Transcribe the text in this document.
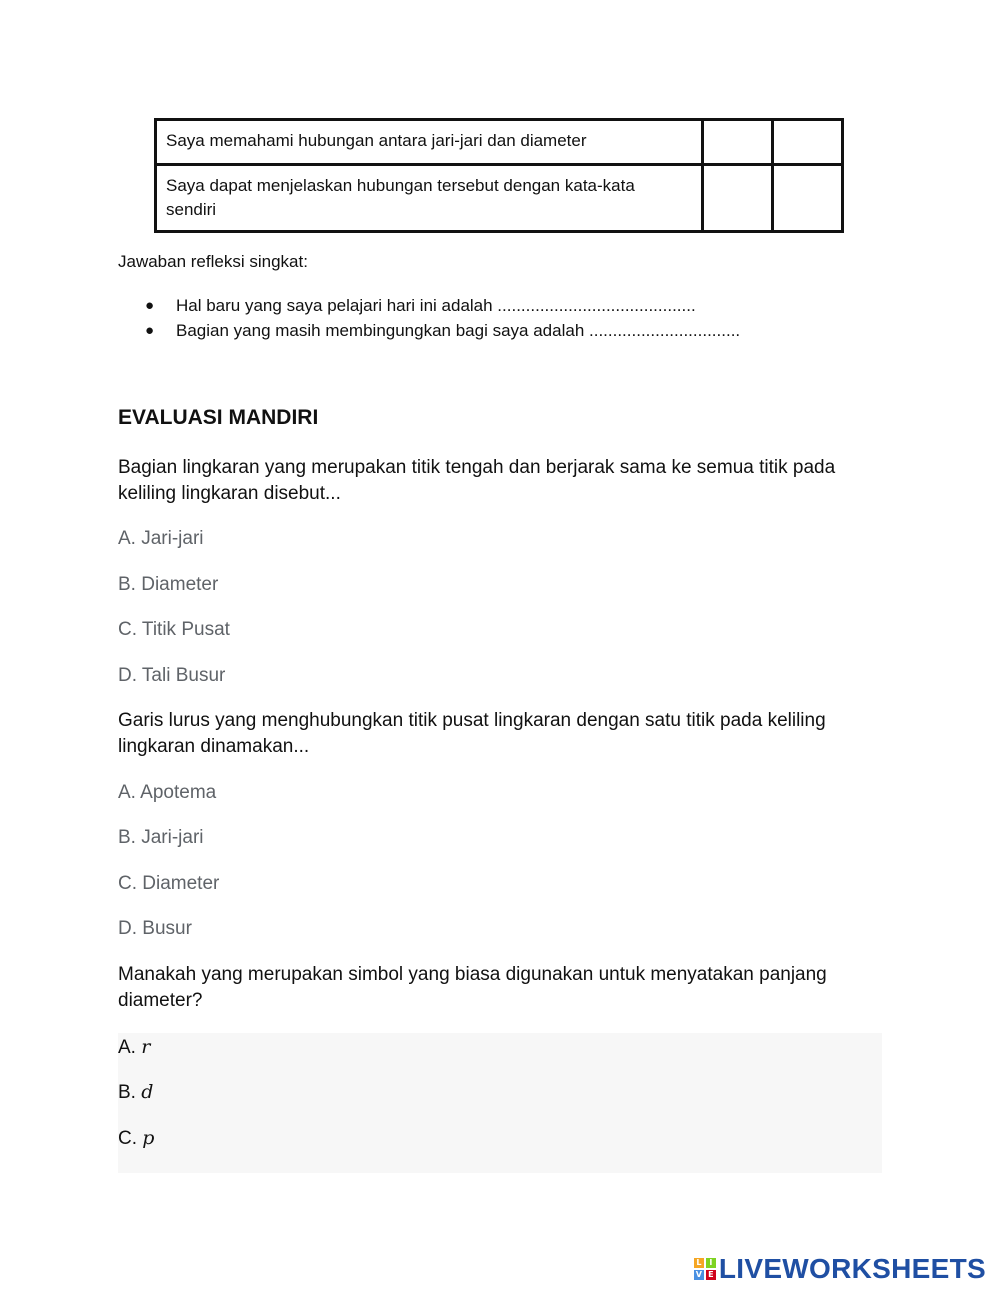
Saya memahami hubungan antara jari-jari dan diameter		
Saya dapat menjelaskan hubungan tersebut dengan kata-kata sendiri		
Jawaban refleksi singkat:
● Hal baru yang saya pelajari hari ini adalah ..........................................
● Bagian yang masih membingungkan bagi saya adalah ................................
EVALUASI MANDIRI
Bagian lingkaran yang merupakan titik tengah dan berjarak sama ke semua titik pada keliling lingkaran disebut...
A. Jari-jari
B. Diameter
C. Titik Pusat
D. Tali Busur
Garis lurus yang menghubungkan titik pusat lingkaran dengan satu titik pada keliling lingkaran dinamakan...
A. Apotema
B. Jari-jari
C. Diameter
D. Busur
Manakah yang merupakan simbol yang biasa digunakan untuk menyatakan panjang diameter?
A. r
B. d
C. p
L I
V E LIVEWORKSHEETS
